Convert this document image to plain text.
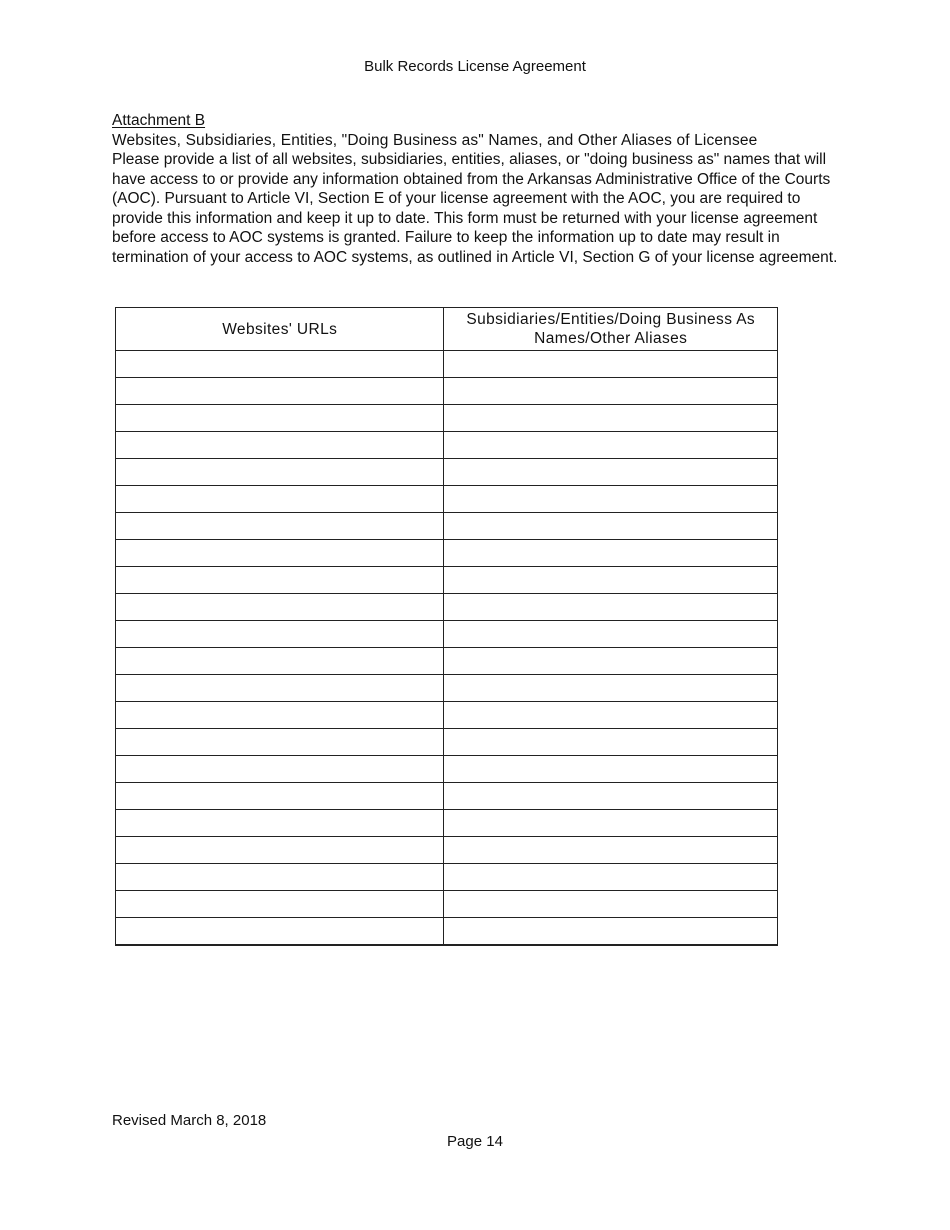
Bulk Records License Agreement
Attachment B
Websites, Subsidiaries, Entities, "Doing Business as" Names, and Other Aliases of Licensee

Please provide a list of all websites, subsidiaries, entities, aliases, or "doing business as" names that will have access to or provide any information obtained from the Arkansas Administrative Office of the Courts (AOC). Pursuant to Article VI, Section E of your license agreement with the AOC, you are required to provide this information and keep it up to date. This form must be returned with your license agreement before access to AOC systems is granted. Failure to keep the information up to date may result in termination of your access to AOC systems, as outlined in Article VI, Section G of your license agreement.

Websites' URLs	Subsidiaries/Entities/Doing Business As Names/Other Aliases

Revised March 8, 2018
Page 14
